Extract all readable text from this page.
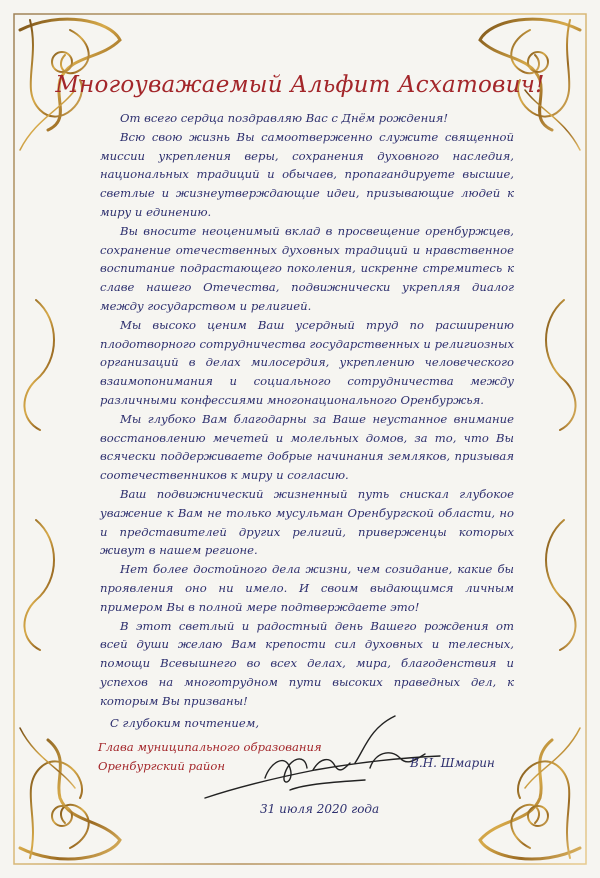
Многоуважаемый Альфит Асхатович!

От всего сердца поздравляю Вас с Днём рождения!

Всю свою жизнь Вы самоотверженно служите священной миссии укрепления веры, сохранения духовного наследия, национальных традиций и обычаев, пропагандируете высшие, светлые и жизнеутверждающие идеи, призывающие людей к миру и единению.

Вы вносите неоценимый вклад в просвещение оренбуржцев, сохранение отечественных духовных традиций и нравственное воспитание подрастающего поколения, искренне стремитесь к славе нашего Отечества, подвижнически укрепляя диалог между государством и религией.

Мы высоко ценим Ваш усердный труд по расширению плодотворного сотрудничества государственных и религиозных организаций в делах милосердия, укреплению человеческого взаимопонимания и социального сотрудничества между различными конфессиями многонационального Оренбуржья.

Мы глубоко Вам благодарны за Ваше неустанное внимание восстановлению мечетей и молельных домов, за то, что Вы всячески поддерживаете добрые начинания земляков, призывая соотечественников к миру и согласию.

Ваш подвижнический жизненный путь снискал глубокое уважение к Вам не только мусульман Оренбургской области, но и представителей других религий, приверженцы которых живут в нашем регионе.

Нет более достойного дела жизни, чем созидание, какие бы проявления оно ни имело. И своим выдающимся личным примером Вы в полной мере подтверждаете это!

В этот светлый и радостный день Вашего рождения от всей души желаю Вам крепости сил духовных и телесных, помощи Всевышнего во всех делах, мира, благоденствия и успехов на многотрудном пути высоких праведных дел, к которым Вы призваны!

С глубоким почтением,
Глава муниципального образования
Оренбургский район	В.Н. Шмарин
31 июля 2020 года
